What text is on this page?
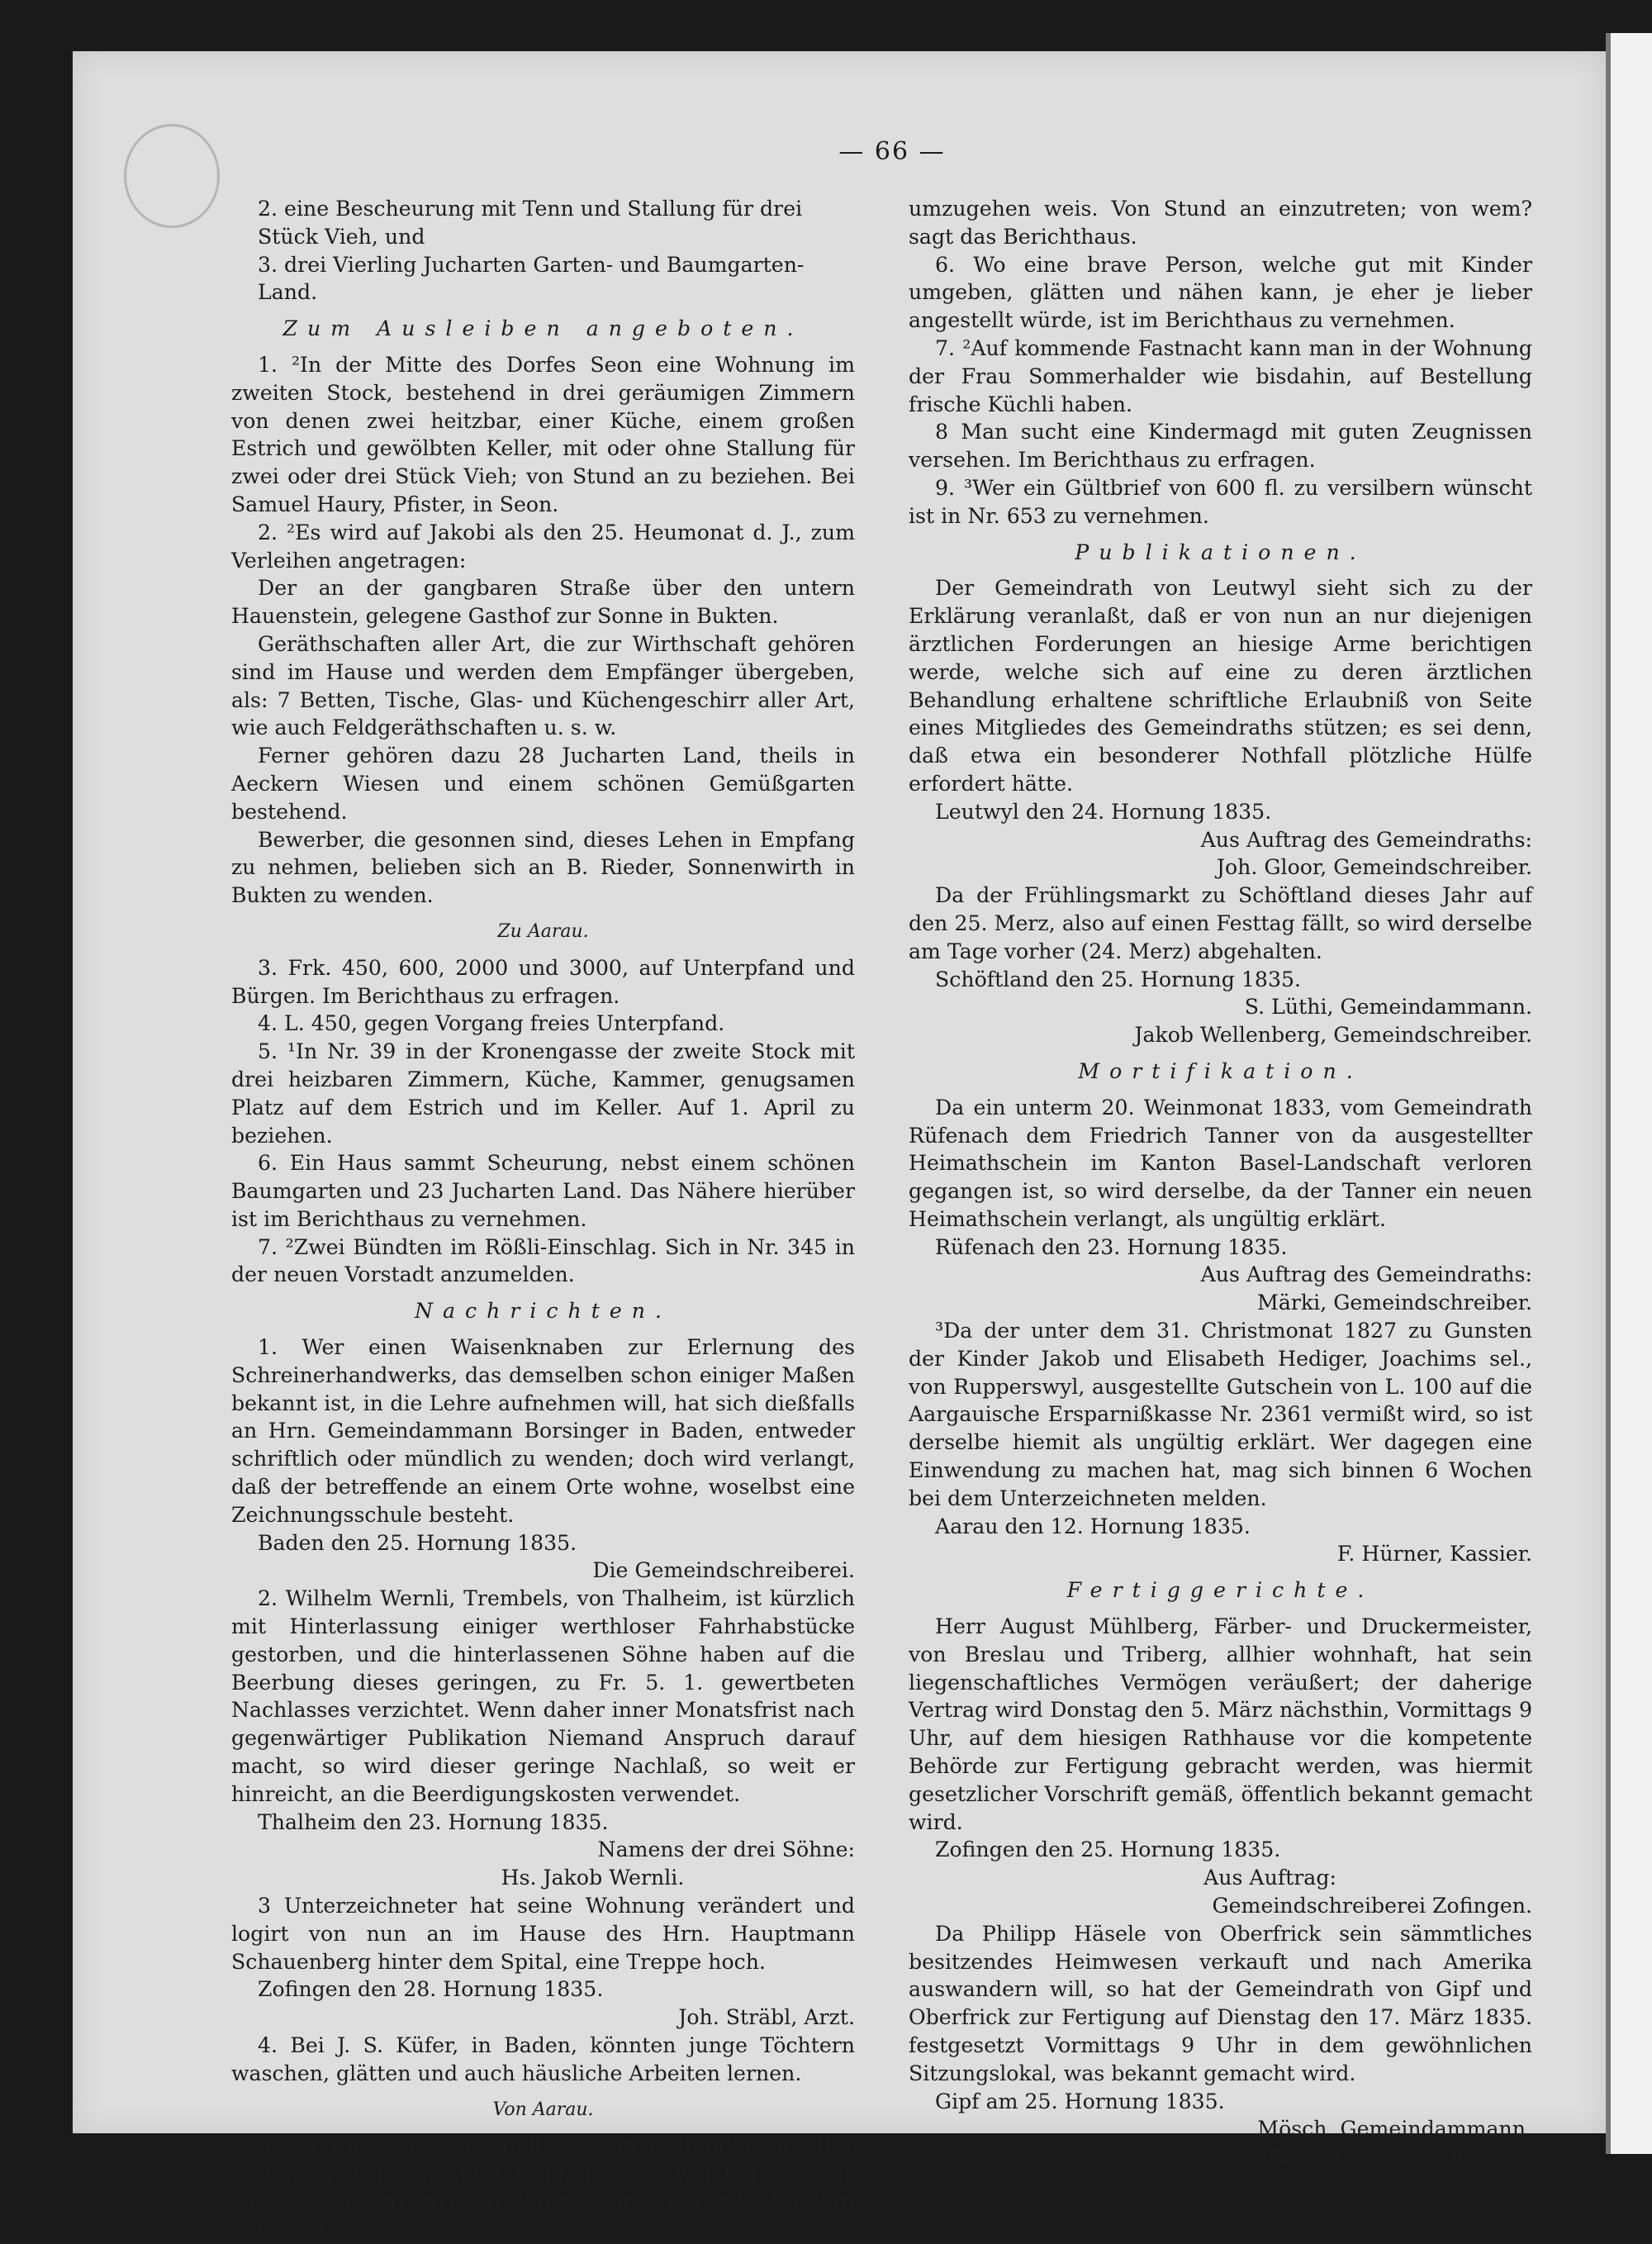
— 66 —

2. eine Bescheurung mit Tenn und Stallung für drei Stück Vieh, und

3. drei Vierling Jucharten Garten- und Baumgarten-Land.

Zum Ausleiben angeboten.

1. ²In der Mitte des Dorfes Seon eine Wohnung im zweiten Stock, bestehend in drei geräumigen Zimmern von denen zwei heitzbar, einer Küche, einem großen Estrich und gewölbten Keller, mit oder ohne Stallung für zwei oder drei Stück Vieh; von Stund an zu beziehen. Bei Samuel Haury, Pfister, in Seon.

2. ²Es wird auf Jakobi als den 25. Heumonat d. J., zum Verleihen angetragen:

Der an der gangbaren Straße über den untern Hauenstein, gelegene Gasthof zur Sonne in Bukten.

Geräthschaften aller Art, die zur Wirthschaft gehören sind im Hause und werden dem Empfänger übergeben, als: 7 Betten, Tische, Glas- und Küchengeschirr aller Art, wie auch Feldgeräthschaften u. s. w.

Ferner gehören dazu 28 Jucharten Land, theils in Aeckern Wiesen und einem schönen Gemüßgarten bestehend.

Bewerber, die gesonnen sind, dieses Lehen in Empfang zu nehmen, belieben sich an B. Rieder, Sonnenwirth in Bukten zu wenden.

Zu Aarau.

3. Frk. 450, 600, 2000 und 3000, auf Unterpfand und Bürgen. Im Berichthaus zu erfragen.

4. L. 450, gegen Vorgang freies Unterpfand.

5. ¹In Nr. 39 in der Kronengasse der zweite Stock mit drei heizbaren Zimmern, Küche, Kammer, genugsamen Platz auf dem Estrich und im Keller. Auf 1. April zu beziehen.

6. Ein Haus sammt Scheurung, nebst einem schönen Baumgarten und 23 Jucharten Land. Das Nähere hierüber ist im Berichthaus zu vernehmen.

7. ²Zwei Bündten im Rößli-Einschlag. Sich in Nr. 345 in der neuen Vorstadt anzumelden.

Nachrichten.

1. Wer einen Waisenknaben zur Erlernung des Schreinerhandwerks, das demselben schon einiger Maßen bekannt ist, in die Lehre aufnehmen will, hat sich dießfalls an Hrn. Gemeindammann Borsinger in Baden, entweder schriftlich oder mündlich zu wenden; doch wird verlangt, daß der betreffende an einem Orte wohne, woselbst eine Zeichnungsschule besteht.

Baden den 25. Hornung 1835.

Die Gemeindschreiberei.

2. Wilhelm Wernli, Trembels, von Thalheim, ist kürzlich mit Hinterlassung einiger werthloser Fahrhabstücke gestorben, und die hinterlassenen Söhne haben auf die Beerbung dieses geringen, zu Fr. 5. 1. gewertbeten Nachlasses verzichtet. Wenn daher inner Monatsfrist nach gegenwärtiger Publikation Niemand Anspruch darauf macht, so wird dieser geringe Nachlaß, so weit er hinreicht, an die Beerdigungskosten verwendet.

Thalheim den 23. Hornung 1835.

Namens der drei Söhne:

Hs. Jakob Wernli.

3 Unterzeichneter hat seine Wohnung verändert und logirt von nun an im Hause des Hrn. Hauptmann Schauenberg hinter dem Spital, eine Treppe hoch.

Zofingen den 28. Hornung 1835.

Joh. Sträbl, Arzt.

4. Bei J. S. Küfer, in Baden, könnten junge Töchtern waschen, glätten und auch häusliche Arbeiten lernen.

Von Aarau.

5. Es wird eine Haushälterin von bestandenem Alter und guter sittlicher Aufführung, gesucht, welcher man das Hauswesen anvertrauen könnte und die mit Kindern liebreich

umzugehen weis. Von Stund an einzutreten; von wem? sagt das Berichthaus.

6. Wo eine brave Person, welche gut mit Kinder umgeben, glätten und nähen kann, je eher je lieber angestellt würde, ist im Berichthaus zu vernehmen.

7. ²Auf kommende Fastnacht kann man in der Wohnung der Frau Sommerhalder wie bisdahin, auf Bestellung frische Küchli haben.

8 Man sucht eine Kindermagd mit guten Zeugnissen versehen. Im Berichthaus zu erfragen.

9. ³Wer ein Gültbrief von 600 fl. zu versilbern wünscht ist in Nr. 653 zu vernehmen.

Publikationen.

Der Gemeindrath von Leutwyl sieht sich zu der Erklärung veranlaßt, daß er von nun an nur diejenigen ärztlichen Forderungen an hiesige Arme berichtigen werde, welche sich auf eine zu deren ärztlichen Behandlung erhaltene schriftliche Erlaubniß von Seite eines Mitgliedes des Gemeindraths stützen; es sei denn, daß etwa ein besonderer Nothfall plötzliche Hülfe erfordert hätte.

Leutwyl den 24. Hornung 1835.

Aus Auftrag des Gemeindraths:

Joh. Gloor, Gemeindschreiber.

Da der Frühlingsmarkt zu Schöftland dieses Jahr auf den 25. Merz, also auf einen Festtag fällt, so wird derselbe am Tage vorher (24. Merz) abgehalten.

Schöftland den 25. Hornung 1835.

S. Lüthi, Gemeindammann.

Jakob Wellenberg, Gemeindschreiber.

Mortifikation.

Da ein unterm 20. Weinmonat 1833, vom Gemeindrath Rüfenach dem Friedrich Tanner von da ausgestellter Heimathschein im Kanton Basel-Landschaft verloren gegangen ist, so wird derselbe, da der Tanner ein neuen Heimathschein verlangt, als ungültig erklärt.

Rüfenach den 23. Hornung 1835.

Aus Auftrag des Gemeindraths:

Märki, Gemeindschreiber.

³Da der unter dem 31. Christmonat 1827 zu Gunsten der Kinder Jakob und Elisabeth Hediger, Joachims sel., von Rupperswyl, ausgestellte Gutschein von L. 100 auf die Aargauische Ersparnißkasse Nr. 2361 vermißt wird, so ist derselbe hiemit als ungültig erklärt. Wer dagegen eine Einwendung zu machen hat, mag sich binnen 6 Wochen bei dem Unterzeichneten melden.

Aarau den 12. Hornung 1835.

F. Hürner, Kassier.

Fertiggerichte.

Herr August Mühlberg, Färber- und Druckermeister, von Breslau und Triberg, allhier wohnhaft, hat sein liegenschaftliches Vermögen veräußert; der daherige Vertrag wird Donstag den 5. März nächsthin, Vormittags 9 Uhr, auf dem hiesigen Rathhause vor die kompetente Behörde zur Fertigung gebracht werden, was hiermit gesetzlicher Vorschrift gemäß, öffentlich bekannt gemacht wird.

Zofingen den 25. Hornung 1835.

Aus Auftrag:

Gemeindschreiberei Zofingen.

Da Philipp Häsele von Oberfrick sein sämmtliches besitzendes Heimwesen verkauft und nach Amerika auswandern will, so hat der Gemeindrath von Gipf und Oberfrick zur Fertigung auf Dienstag den 17. März 1835. festgesetzt Vormittags 9 Uhr in dem gewöhnlichen Sitzungslokal, was bekannt gemacht wird.

Gipf am 25. Hornung 1835.

Mösch, Gemeindammann.

Benz, Gemeindschreiber.
